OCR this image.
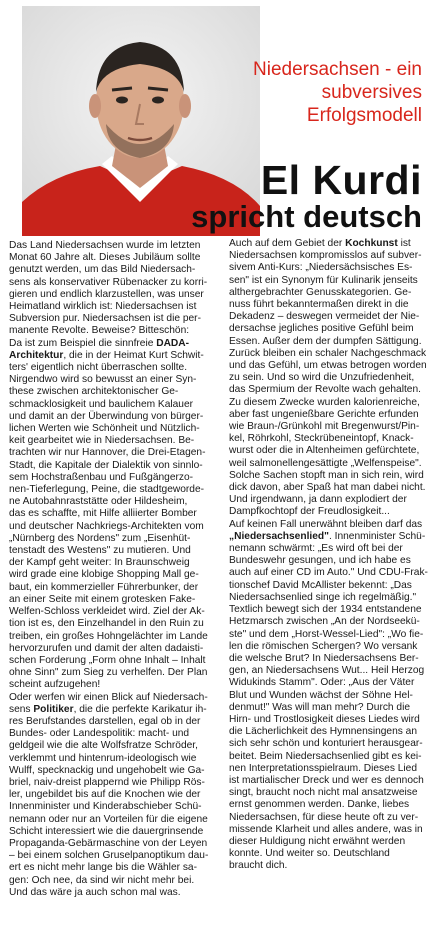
Niedersachsen - ein
subversives Erfolgsmodell
El Kurdi
spricht deutsch

Das Land Niedersachsen wurde im letzten
Monat 60 Jahre alt. Dieses Jubiläum sollte
genutzt werden, um das Bild Niedersach-
sens als konservativer Rübenacker zu korri-
gieren und endlich klarzustellen, was unser
Heimatland wirklich ist: Niedersachsen ist
Subversion pur. Niedersachsen ist die per-
manente Revolte. Beweise? Bitteschön:
Da ist zum Beispiel die sinnfreie DADA-
Architektur, die in der Heimat Kurt Schwit-
ters' eigentlich nicht überraschen sollte.
Nirgendwo wird so bewusst an einer Syn-
these zwischen architektonischer Ge-
schmacklosigkeit und baulichem Kalauer
und damit an der Überwindung von bürger-
lichen Werten wie Schönheit und Nützlich-
keit gearbeitet wie in Niedersachsen. Be-
trachten wir nur Hannover, die Drei-Etagen-
Stadt, die Kapitale der Dialektik von sinnlo-
sem Hochstraßenbau und Fußgängerzo-
nen-Tieferlegung, Peine, die stadtgeworde-
ne Autobahnraststätte oder Hildesheim,
das es schaffte, mit Hilfe alliierter Bomber
und deutscher Nachkriegs-Architekten vom
„Nürnberg des Nordens" zum „Eisenhüt-
tenstadt des Westens" zu mutieren. Und
der Kampf geht weiter: In Braunschweig
wird grade eine klobige Shopping Mall ge-
baut, ein kommerzieller Führerbunker, der
an einer Seite mit einem grotesken Fake-
Welfen-Schloss verkleidet wird. Ziel der Ak-
tion ist es, den Einzelhandel in den Ruin zu
treiben, ein großes Hohngelächter im Lande
hervorzurufen und damit der alten dadaisti-
schen Forderung „Form ohne Inhalt – Inhalt
ohne Sinn" zum Sieg zu verhelfen. Der Plan
scheint aufzugehen!
Oder werfen wir einen Blick auf Niedersach-
sens Politiker, die die perfekte Karikatur ih-
res Berufstandes darstellen, egal ob in der
Bundes- oder Landespolitik: macht- und
geldgeil wie die alte Wolfsfratze Schröder,
verklemmt und hintenrum-ideologisch wie
Wulff, specknackig und ungehobelt wie Ga-
briel, naiv-dreist plappernd wie Philipp Rös-
ler, ungebildet bis auf die Knochen wie der
Innenminister und Kinderabschieber Schü-
nemann oder nur an Vorteilen für die eigene
Schicht interessiert wie die dauergrinsende
Propaganda-Gebärmaschine von der Leyen
– bei einem solchen Gruselpanoptikum dau-
ert es nicht mehr lange bis die Wähler sa-
gen: Och nee, da sind wir nicht mehr bei.
Und das wäre ja auch schon mal was.

Auch auf dem Gebiet der Kochkunst ist
Niedersachsen kompromisslos auf subver-
sivem Anti-Kurs: „Niedersächsisches Es-
sen" ist ein Synonym für Kulinarik jenseits
althergebrachter Genusskategorien. Ge-
nuss führt bekanntermaßen direkt in die
Dekadenz – deswegen vermeidet der Nie-
dersachse jegliches positive Gefühl beim
Essen. Außer dem der dumpfen Sättigung.
Zurück bleiben ein schaler Nachgeschmack
und das Gefühl, um etwas betrogen worden
zu sein. Und so wird die Unzufriedenheit,
das Spermium der Revolte wach gehalten.
Zu diesem Zwecke wurden kalorienreiche,
aber fast ungenießbare Gerichte erfunden
wie Braun-/Grünkohl mit Bregenwurst/Pin-
kel, Röhrkohl, Steckrübeneintopf, Knack-
wurst oder die in Altenheimen gefürchtete,
weil salmonellengesättigte „Welfenspeise".
Solche Sachen stopft man in sich rein, wird
dick davon, aber Spaß hat man dabei nicht.
Und irgendwann, ja dann explodiert der
Dampfkochtopf der Freudlosigkeit...
Auf keinen Fall unerwähnt bleiben darf das
„Niedersachsenlied". Innenminister Schü-
nemann schwärmt: „Es wird oft bei der
Bundeswehr gesungen, und ich habe es
auch auf einer CD im Auto." Und CDU-Frak-
tionschef David McAllister bekennt: „Das
Niedersachsenlied singe ich regelmäßig."
Textlich bewegt sich der 1934 entstandene
Hetzmarsch zwischen „An der Nordseekü-
ste" und dem „Horst-Wessel-Lied": „Wo fie-
len die römischen Schergen? Wo versank
die welsche Brut? In Niedersachsens Ber-
gen, an Niedersachsens Wut... Heil Herzog
Widukinds Stamm". Oder: „Aus der Väter
Blut und Wunden wächst der Söhne Hel-
denmut!" Was will man mehr? Durch die
Hirn- und Trostlosigkeit dieses Liedes wird
die Lächerlichkeit des Hymnensingens an
sich sehr schön und konturiert herausgear-
beitet. Beim Niedersachsenlied gibt es kei-
nen Interpretationsspielraum. Dieses Lied
ist martialischer Dreck und wer es dennoch
singt, braucht noch nicht mal ansatzweise
ernst genommen werden. Danke, liebes
Niedersachsen, für diese heute oft zu ver-
missende Klarheit und alles andere, was in
dieser Huldigung nicht erwähnt werden
konnte. Und weiter so. Deutschland
braucht dich.
